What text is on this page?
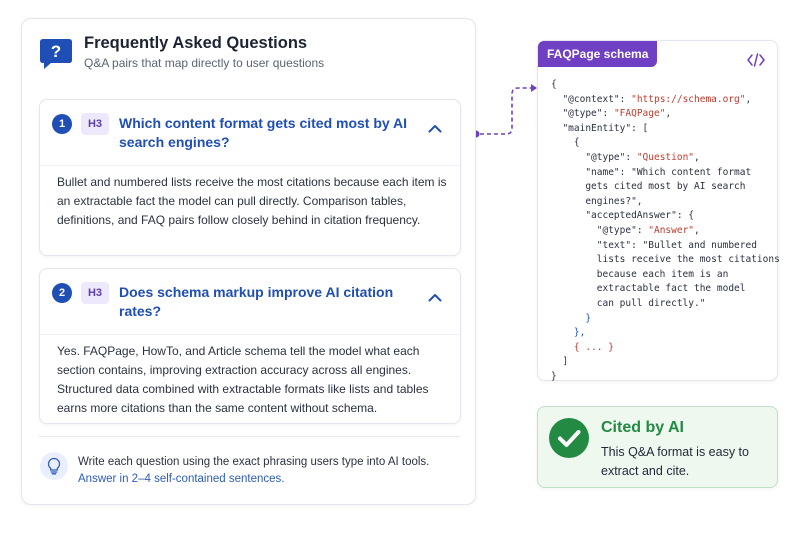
? Frequently Asked Questions
Q&A pairs that map directly to user questions
1	H3	Which content format gets cited most by AI search engines?
Bullet and numbered lists receive the most citations because each item is an extractable fact the model can pull directly. Comparison tables, definitions, and FAQ pairs follow closely behind in citation frequency.
2	H3	Does schema markup improve AI citation rates?
Yes. FAQPage, HowTo, and Article schema tell the model what each section contains, improving extraction accuracy across all engines. Structured data combined with extractable formats like lists and tables earns more citations than the same content without schema.
Write each question using the exact phrasing users type into AI tools.
Answer in 2–4 self-contained sentences.
FAQPage schema
{
"@context": "https://schema.org",
"@type": "FAQPage",
"mainEntity": [
{
"@type": "Question",
"name": "Which content format
gets cited most by AI search
engines?",
"acceptedAnswer": {
"@type": "Answer",
"text": "Bullet and numbered
lists receive the most citations
because each item is an
extractable fact the model
can pull directly."
}
},
{ ... }
]
}
Cited by AI
This Q&A format is easy to extract and cite.
